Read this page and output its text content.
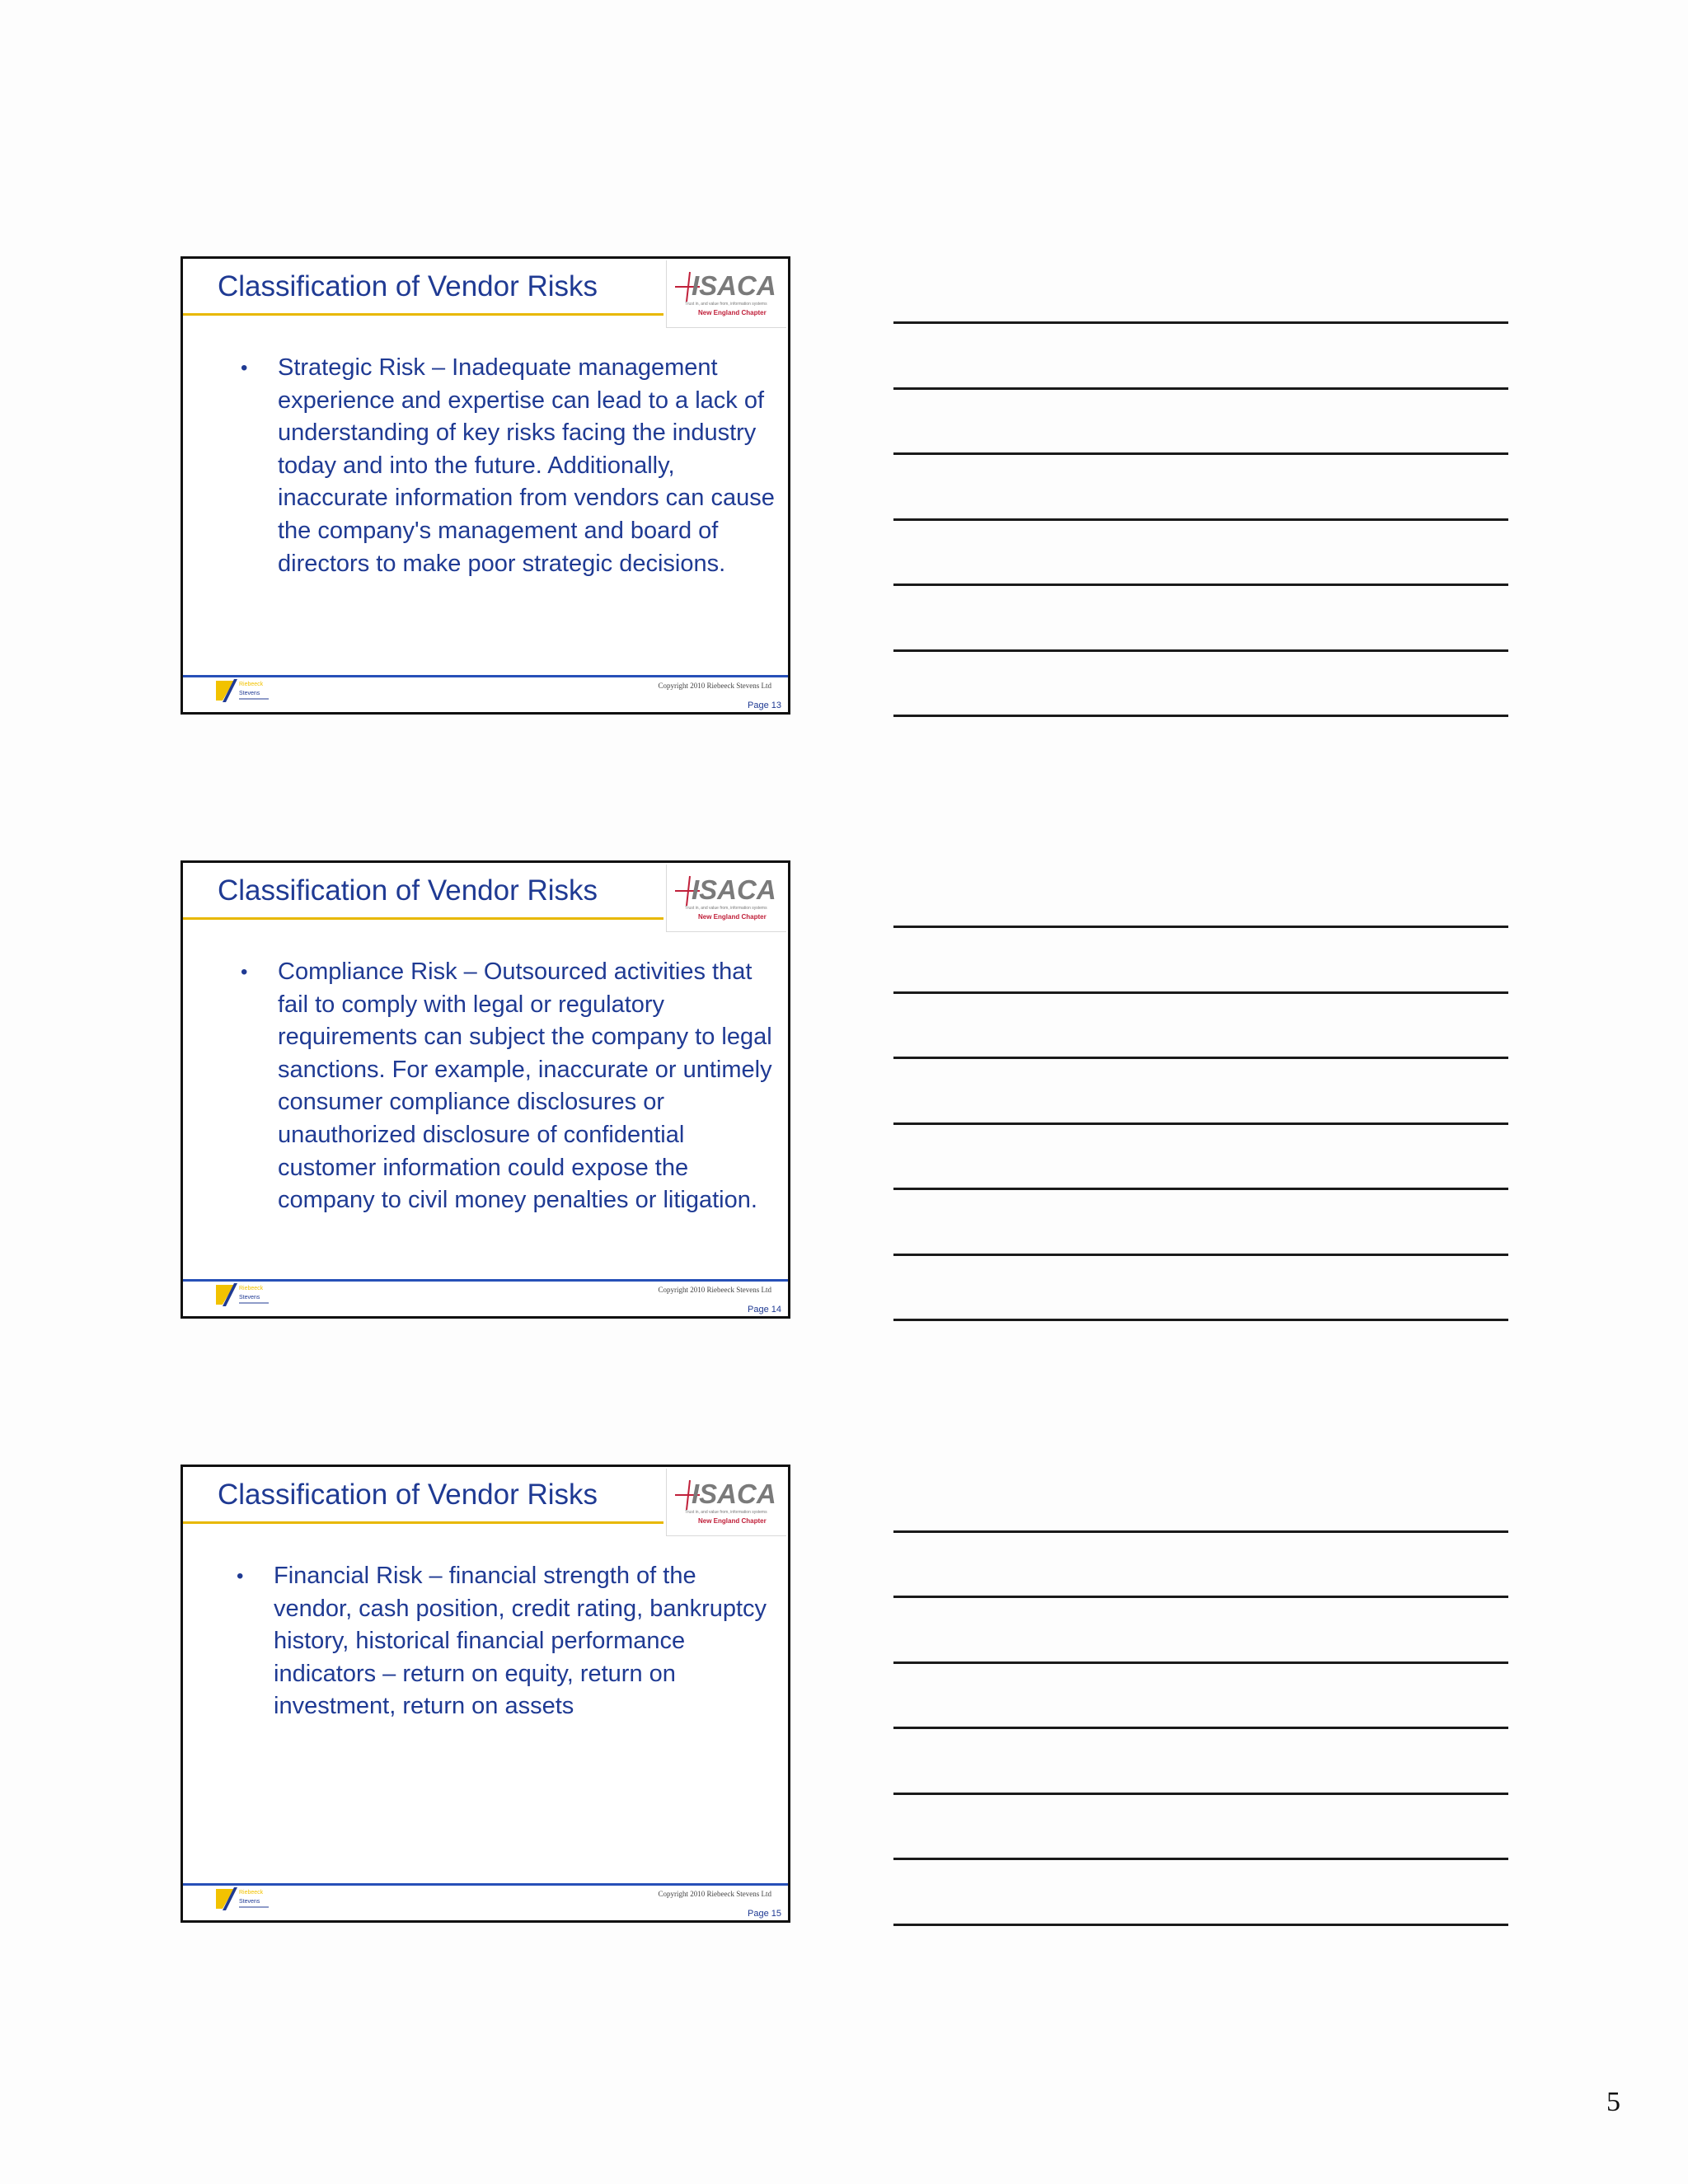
Classification of Vendor Risks	ISACA
Trust in, and value from, information systems
New England Chapter
• Strategic Risk – Inadequate management experience and expertise can lead to a lack of understanding of key risks facing the industry today and into the future. Additionally, inaccurate information from vendors can cause the company's management and board of directors to make poor strategic decisions.
Riebeeck
Stevens
Copyright 2010 Riebeeck Stevens Ltd
Page 13
Classification of Vendor Risks	ISACA
Trust in, and value from, information systems
New England Chapter
• Compliance Risk – Outsourced activities that fail to comply with legal or regulatory requirements can subject the company to legal sanctions. For example, inaccurate or untimely consumer compliance disclosures or unauthorized disclosure of confidential customer information could expose the company to civil money penalties or litigation.
Riebeeck
Stevens
Copyright 2010 Riebeeck Stevens Ltd
Page 14
Classification of Vendor Risks	ISACA
Trust in, and value from, information systems
New England Chapter
• Financial Risk – financial strength of the vendor, cash position, credit rating, bankruptcy history, historical financial performance indicators – return on equity, return on investment, return on assets
Riebeeck
Stevens
Copyright 2010 Riebeeck Stevens Ltd
Page 15
5
